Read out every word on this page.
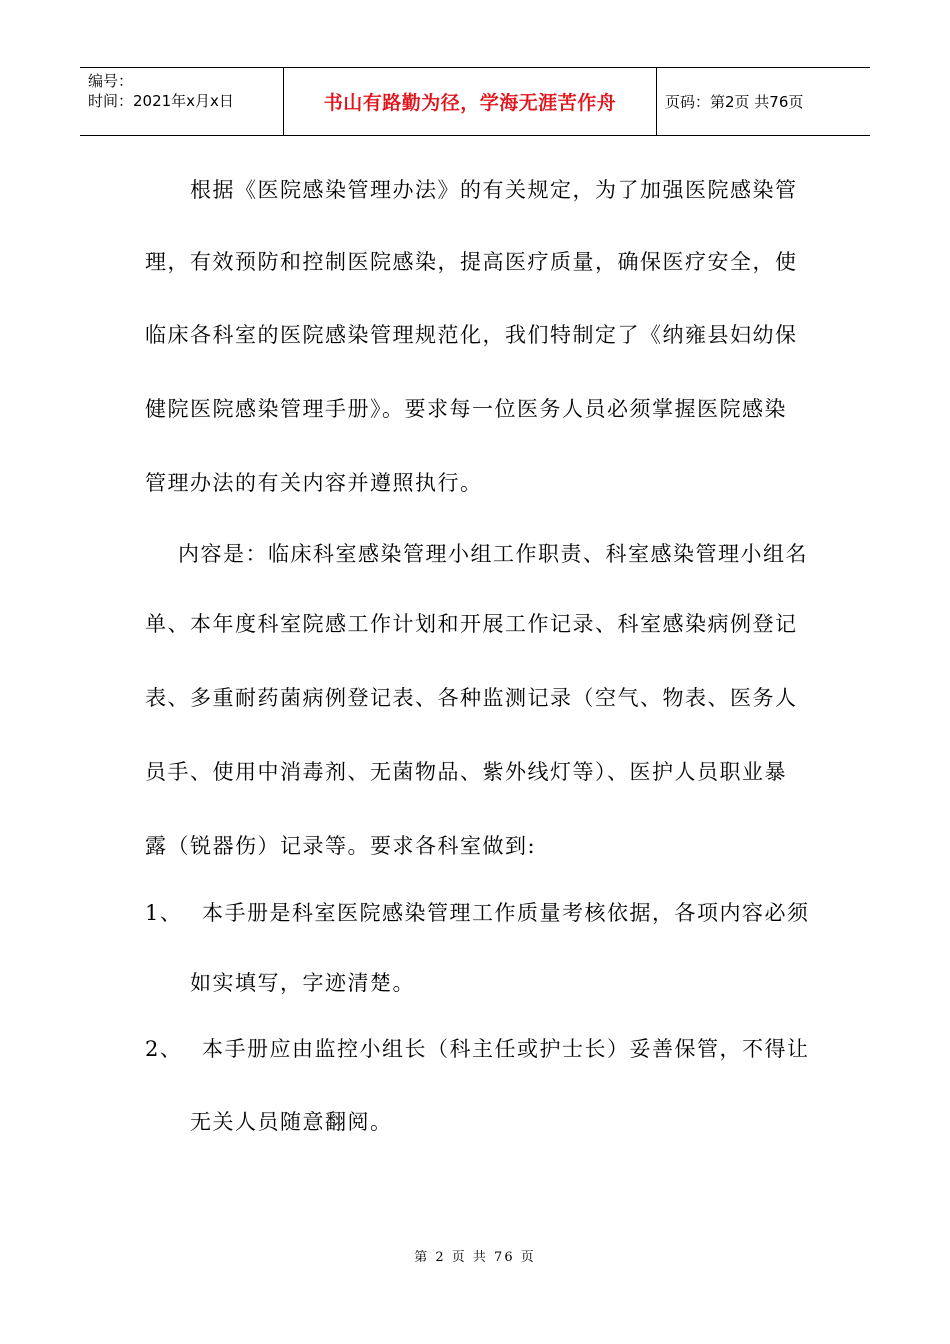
编号：
时间：2021年x月x日	书山有路勤为径，学海无涯苦作舟	页码：第2页 共76页
根据《医院感染管理办法》的有关规定，为了加强医院感染管
理，有效预防和控制医院感染，提高医疗质量，确保医疗安全，使
临床各科室的医院感染管理规范化，我们特制定了《纳雍县妇幼保
健院医院感染管理手册》。要求每一位医务人员必须掌握医院感染
管理办法的有关内容并遵照执行。
内容是：临床科室感染管理小组工作职责、科室感染管理小组名
单、本年度科室院感工作计划和开展工作记录、科室感染病例登记
表、多重耐药菌病例登记表、各种监测记录（空气、物表、医务人
员手、使用中消毒剂、无菌物品、紫外线灯等）、医护人员职业暴
露（锐器伤）记录等。要求各科室做到:
1、 本手册是科室医院感染管理工作质量考核依据，各项内容必须
如实填写，字迹清楚。
2、 本手册应由监控小组长（科主任或护士长）妥善保管，不得让
无关人员随意翻阅。
第 2 页 共 76 页
